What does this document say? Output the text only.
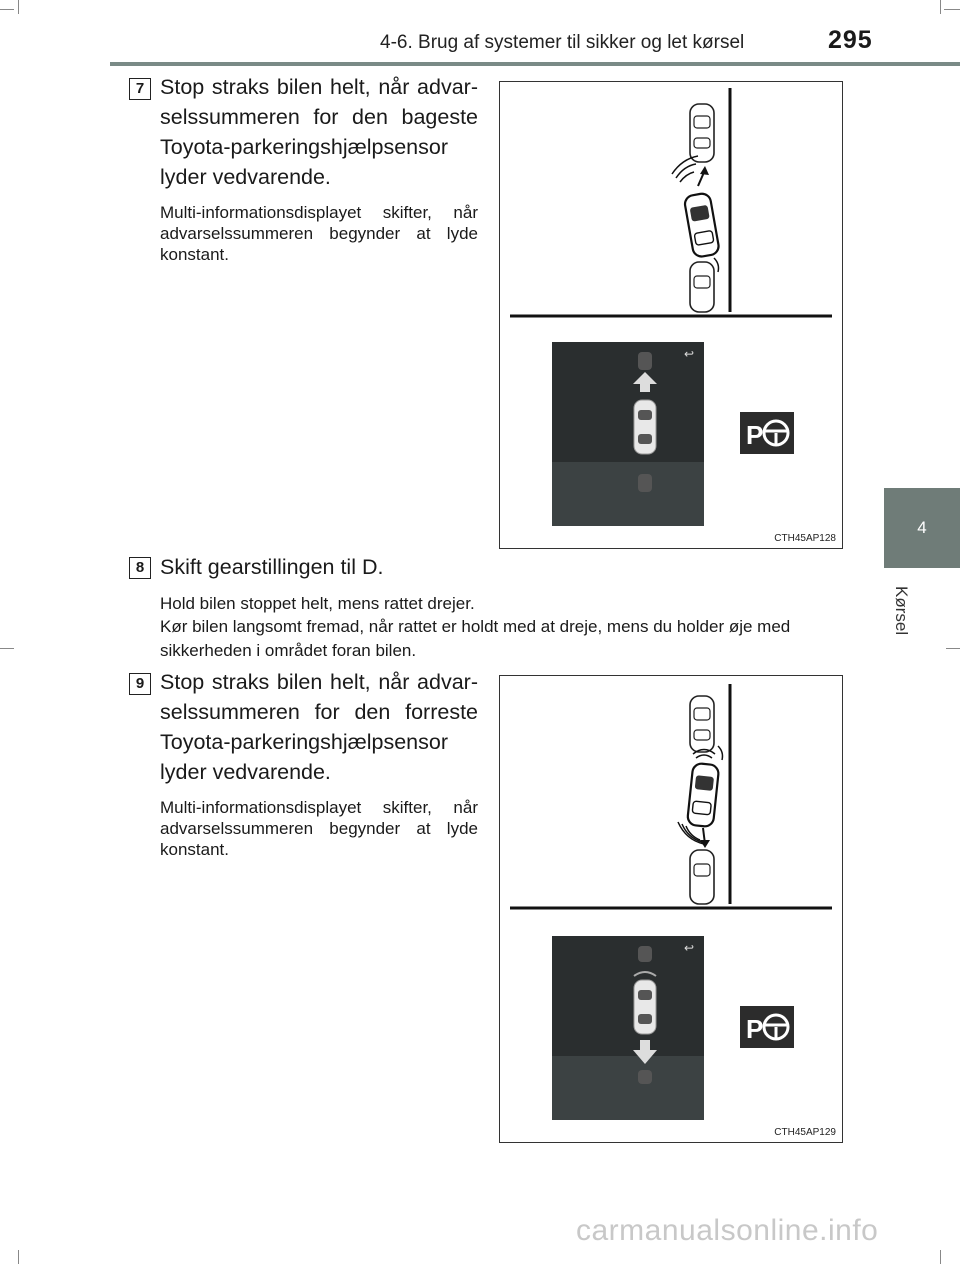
4-6. Brug af systemer til sikker og let kørsel	295
4
Kørsel
7 Stop straks bilen helt, når advar-selssummeren for den bageste Toyota-parkeringshjælpsensor lyder vedvarende.
Multi-informationsdisplayet skifter, når advarselssummeren begynder at lyde konstant.
↩
P
CTH45AP128
8 Skift gearstillingen til D.
Hold bilen stoppet helt, mens rattet drejer.
Kør bilen langsomt fremad, når rattet er holdt med at dreje, mens du holder øje med sikkerheden i området foran bilen.
9 Stop straks bilen helt, når advar-selssummeren for den forreste Toyota-parkeringshjælpsensor lyder vedvarende.
Multi-informationsdisplayet skifter, når advarselssummeren begynder at lyde konstant.
↩
P
CTH45AP129
carmanualsonline.info
